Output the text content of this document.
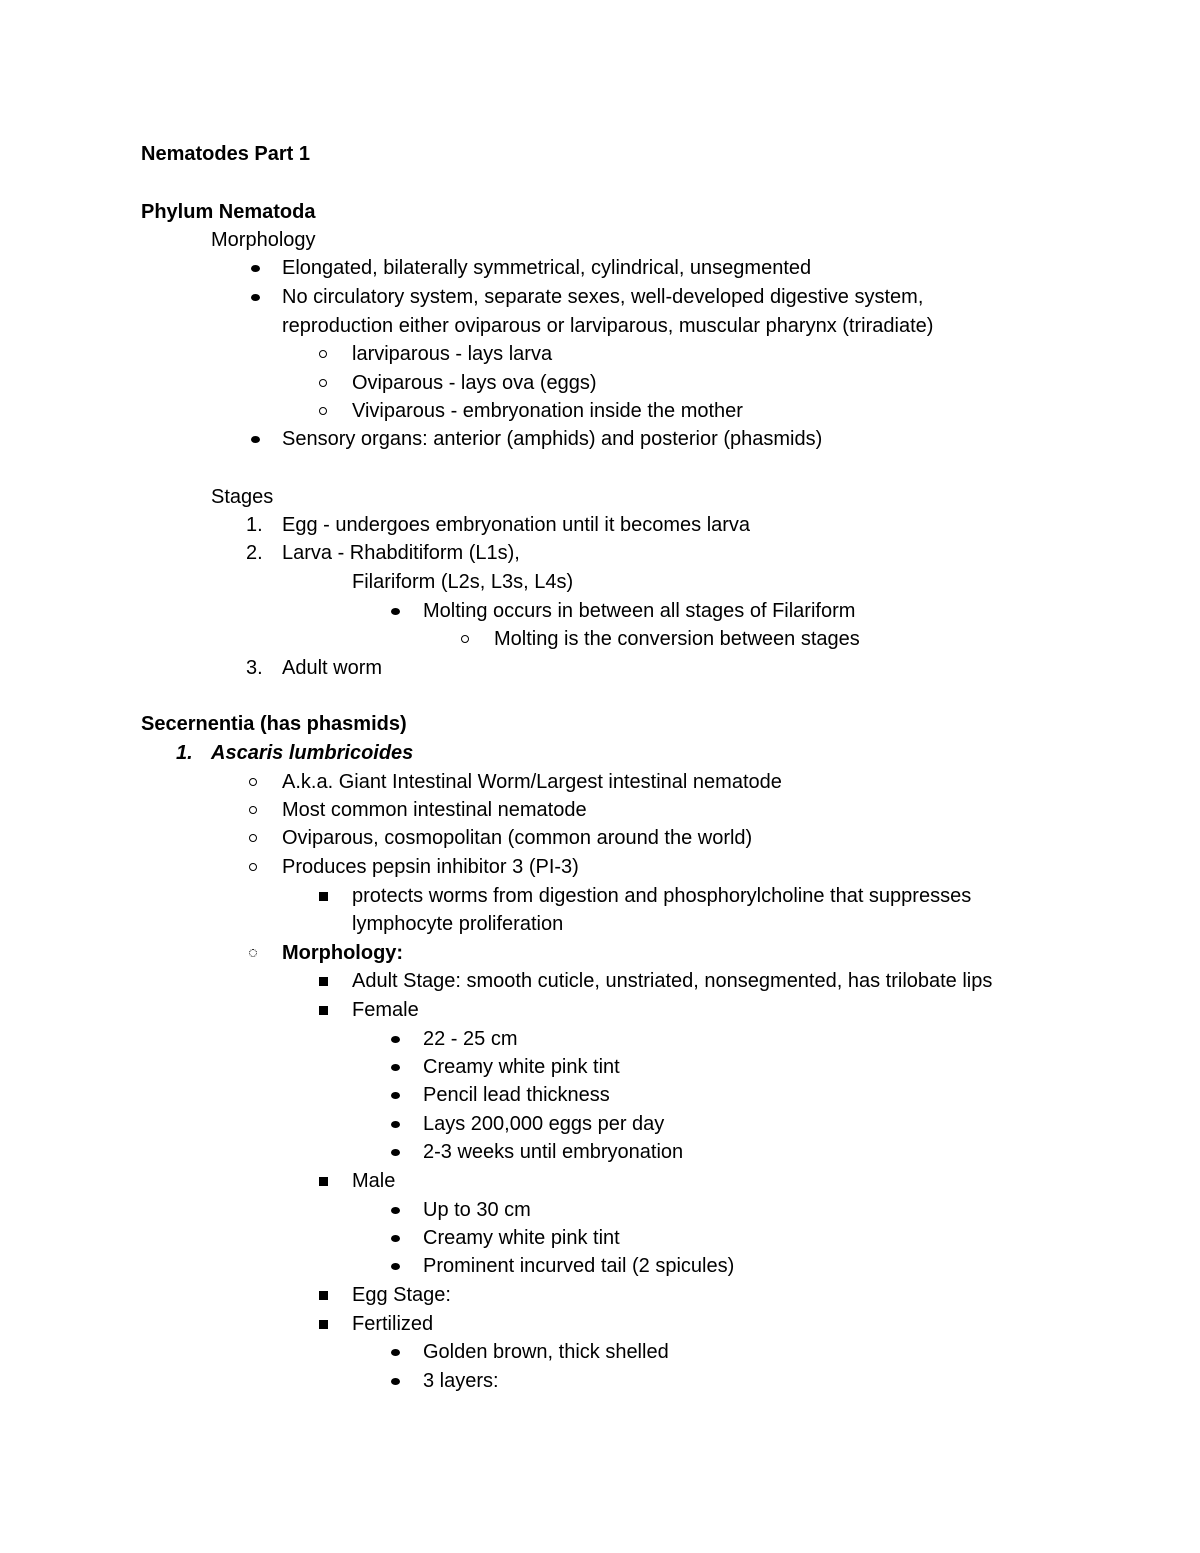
Nematodes Part 1
Phylum Nematoda
Morphology
Elongated, bilaterally symmetrical, cylindrical, unsegmented
No circulatory system, separate sexes, well-developed digestive system,
reproduction either oviparous or larviparous, muscular pharynx (triradiate)
larviparous - lays larva
Oviparous - lays ova (eggs)
Viviparous - embryonation inside the mother
Sensory organs: anterior (amphids) and posterior (phasmids)
Stages
1. Egg - undergoes embryonation until it becomes larva
2. Larva - Rhabditiform (L1s),
Filariform (L2s, L3s, L4s)
Molting occurs in between all stages of Filariform
Molting is the conversion between stages
3. Adult worm
Secernentia (has phasmids)
1. Ascaris lumbricoides
A.k.a. Giant Intestinal Worm/Largest intestinal nematode
Most common intestinal nematode
Oviparous, cosmopolitan (common around the world)
Produces pepsin inhibitor 3 (PI-3)
protects worms from digestion and phosphorylcholine that suppresses
lymphocyte proliferation
Morphology:
Adult Stage: smooth cuticle, unstriated, nonsegmented, has trilobate lips
Female
22 - 25 cm
Creamy white pink tint
Pencil lead thickness
Lays 200,000 eggs per day
2-3 weeks until embryonation
Male
Up to 30 cm
Creamy white pink tint
Prominent incurved tail (2 spicules)
Egg Stage:
Fertilized
Golden brown, thick shelled
3 layers:
